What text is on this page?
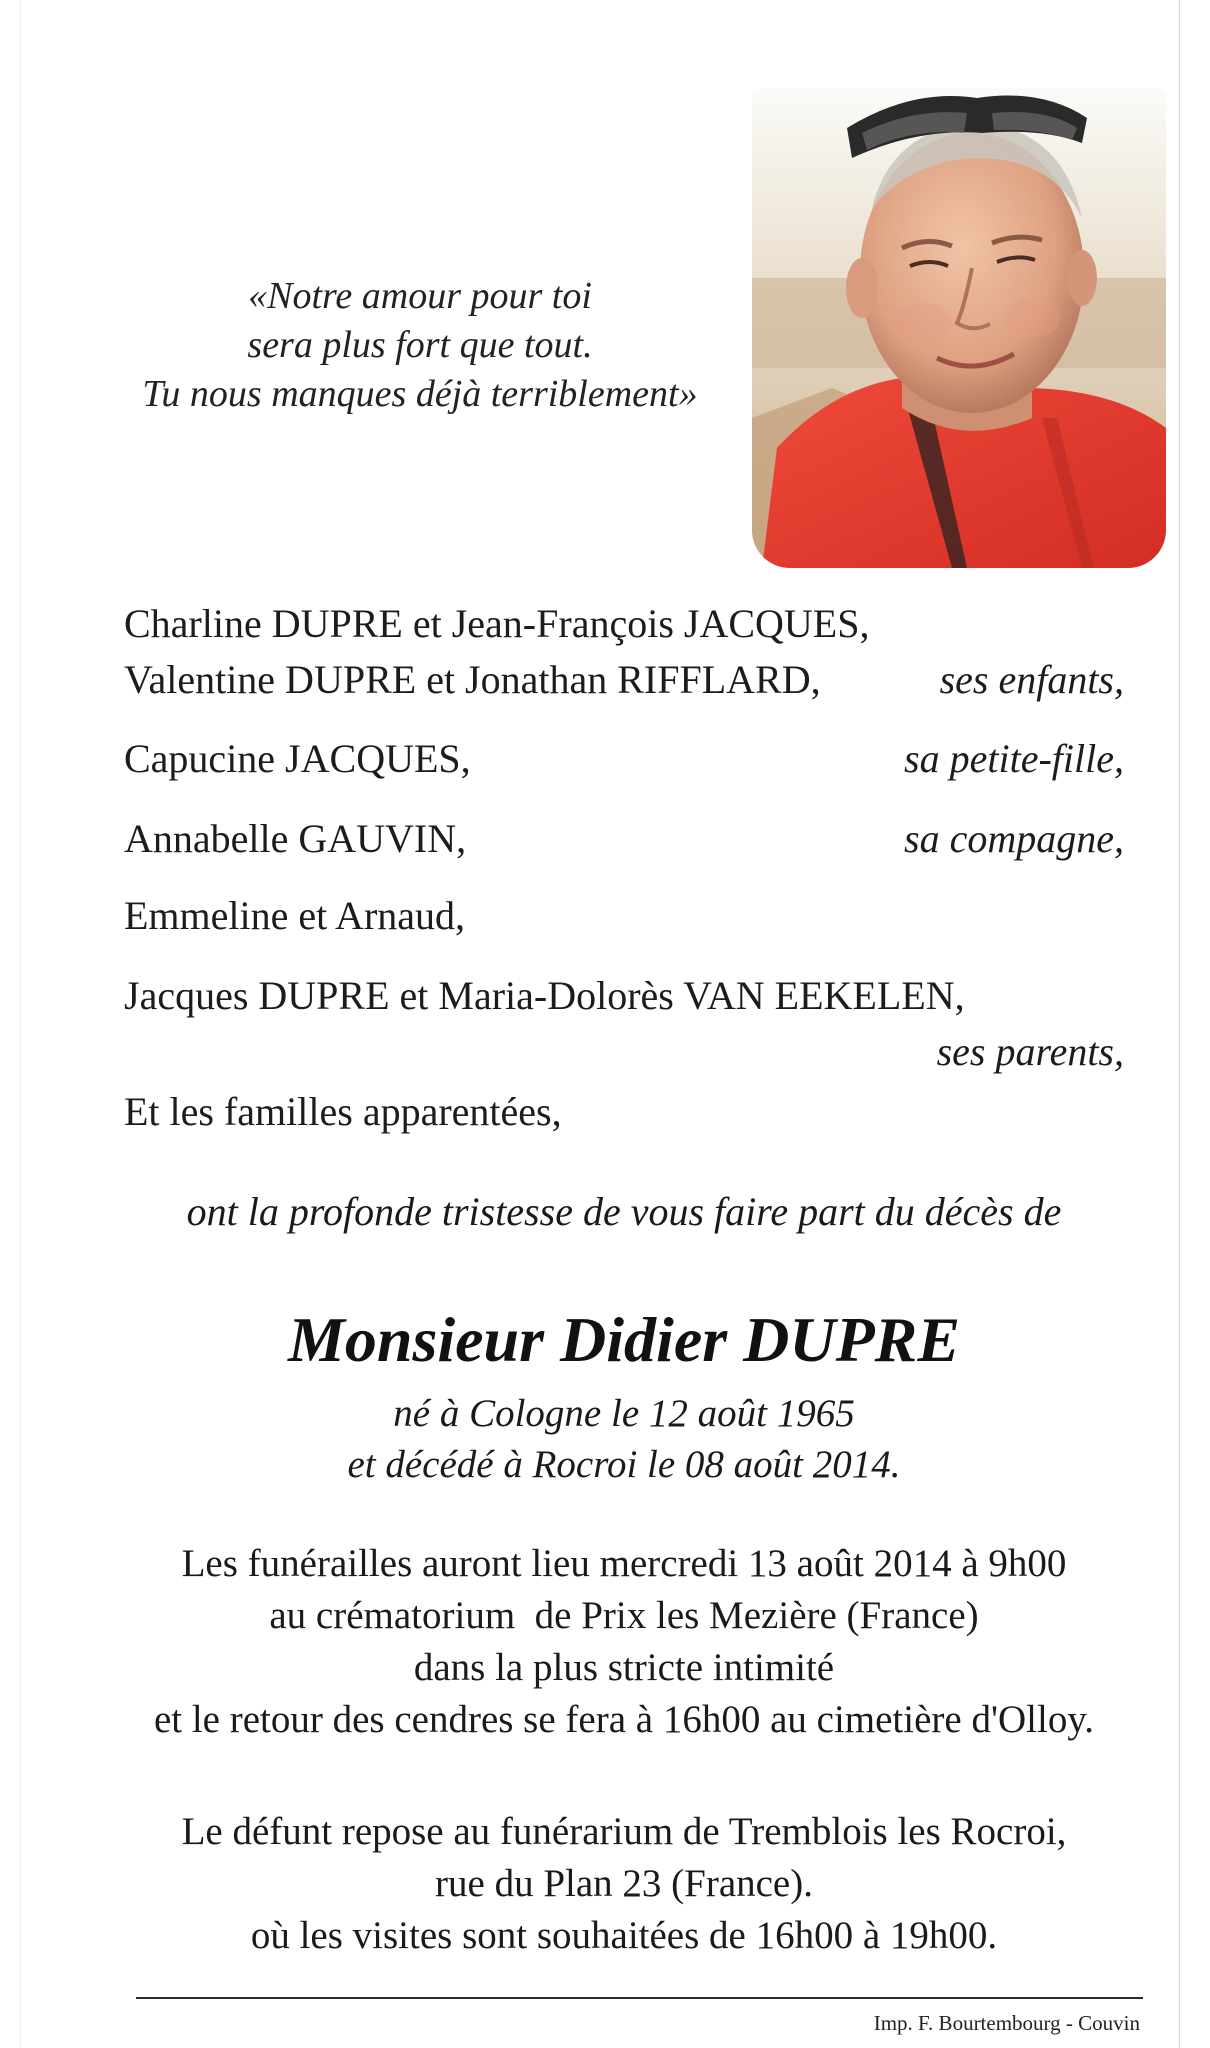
«Notre amour pour toi
sera plus fort que tout.
Tu nous manques déjà terriblement»
Charline DUPRE et Jean-François JACQUES,
Valentine DUPRE et Jonathan RIFFLARD,	ses enfants,
Capucine JACQUES,	sa petite-fille,
Annabelle GAUVIN,	sa compagne,
Emmeline et Arnaud,
Jacques DUPRE et Maria-Dolorès VAN EEKELEN,
ses parents,
Et les familles apparentées,
ont la profonde tristesse de vous faire part du décès de
Monsieur Didier DUPRE
né à Cologne le 12 août 1965
et décédé à Rocroi le 08 août 2014.
Les funérailles auront lieu mercredi 13 août 2014 à 9h00
au crématorium  de Prix les Mezière (France)
dans la plus stricte intimité
et le retour des cendres se fera à 16h00 au cimetière d'Olloy.
Le défunt repose au funérarium de Tremblois les Rocroi,
rue du Plan 23 (France).
où les visites sont souhaitées de 16h00 à 19h00.
Imp. F. Bourtembourg - Couvin
